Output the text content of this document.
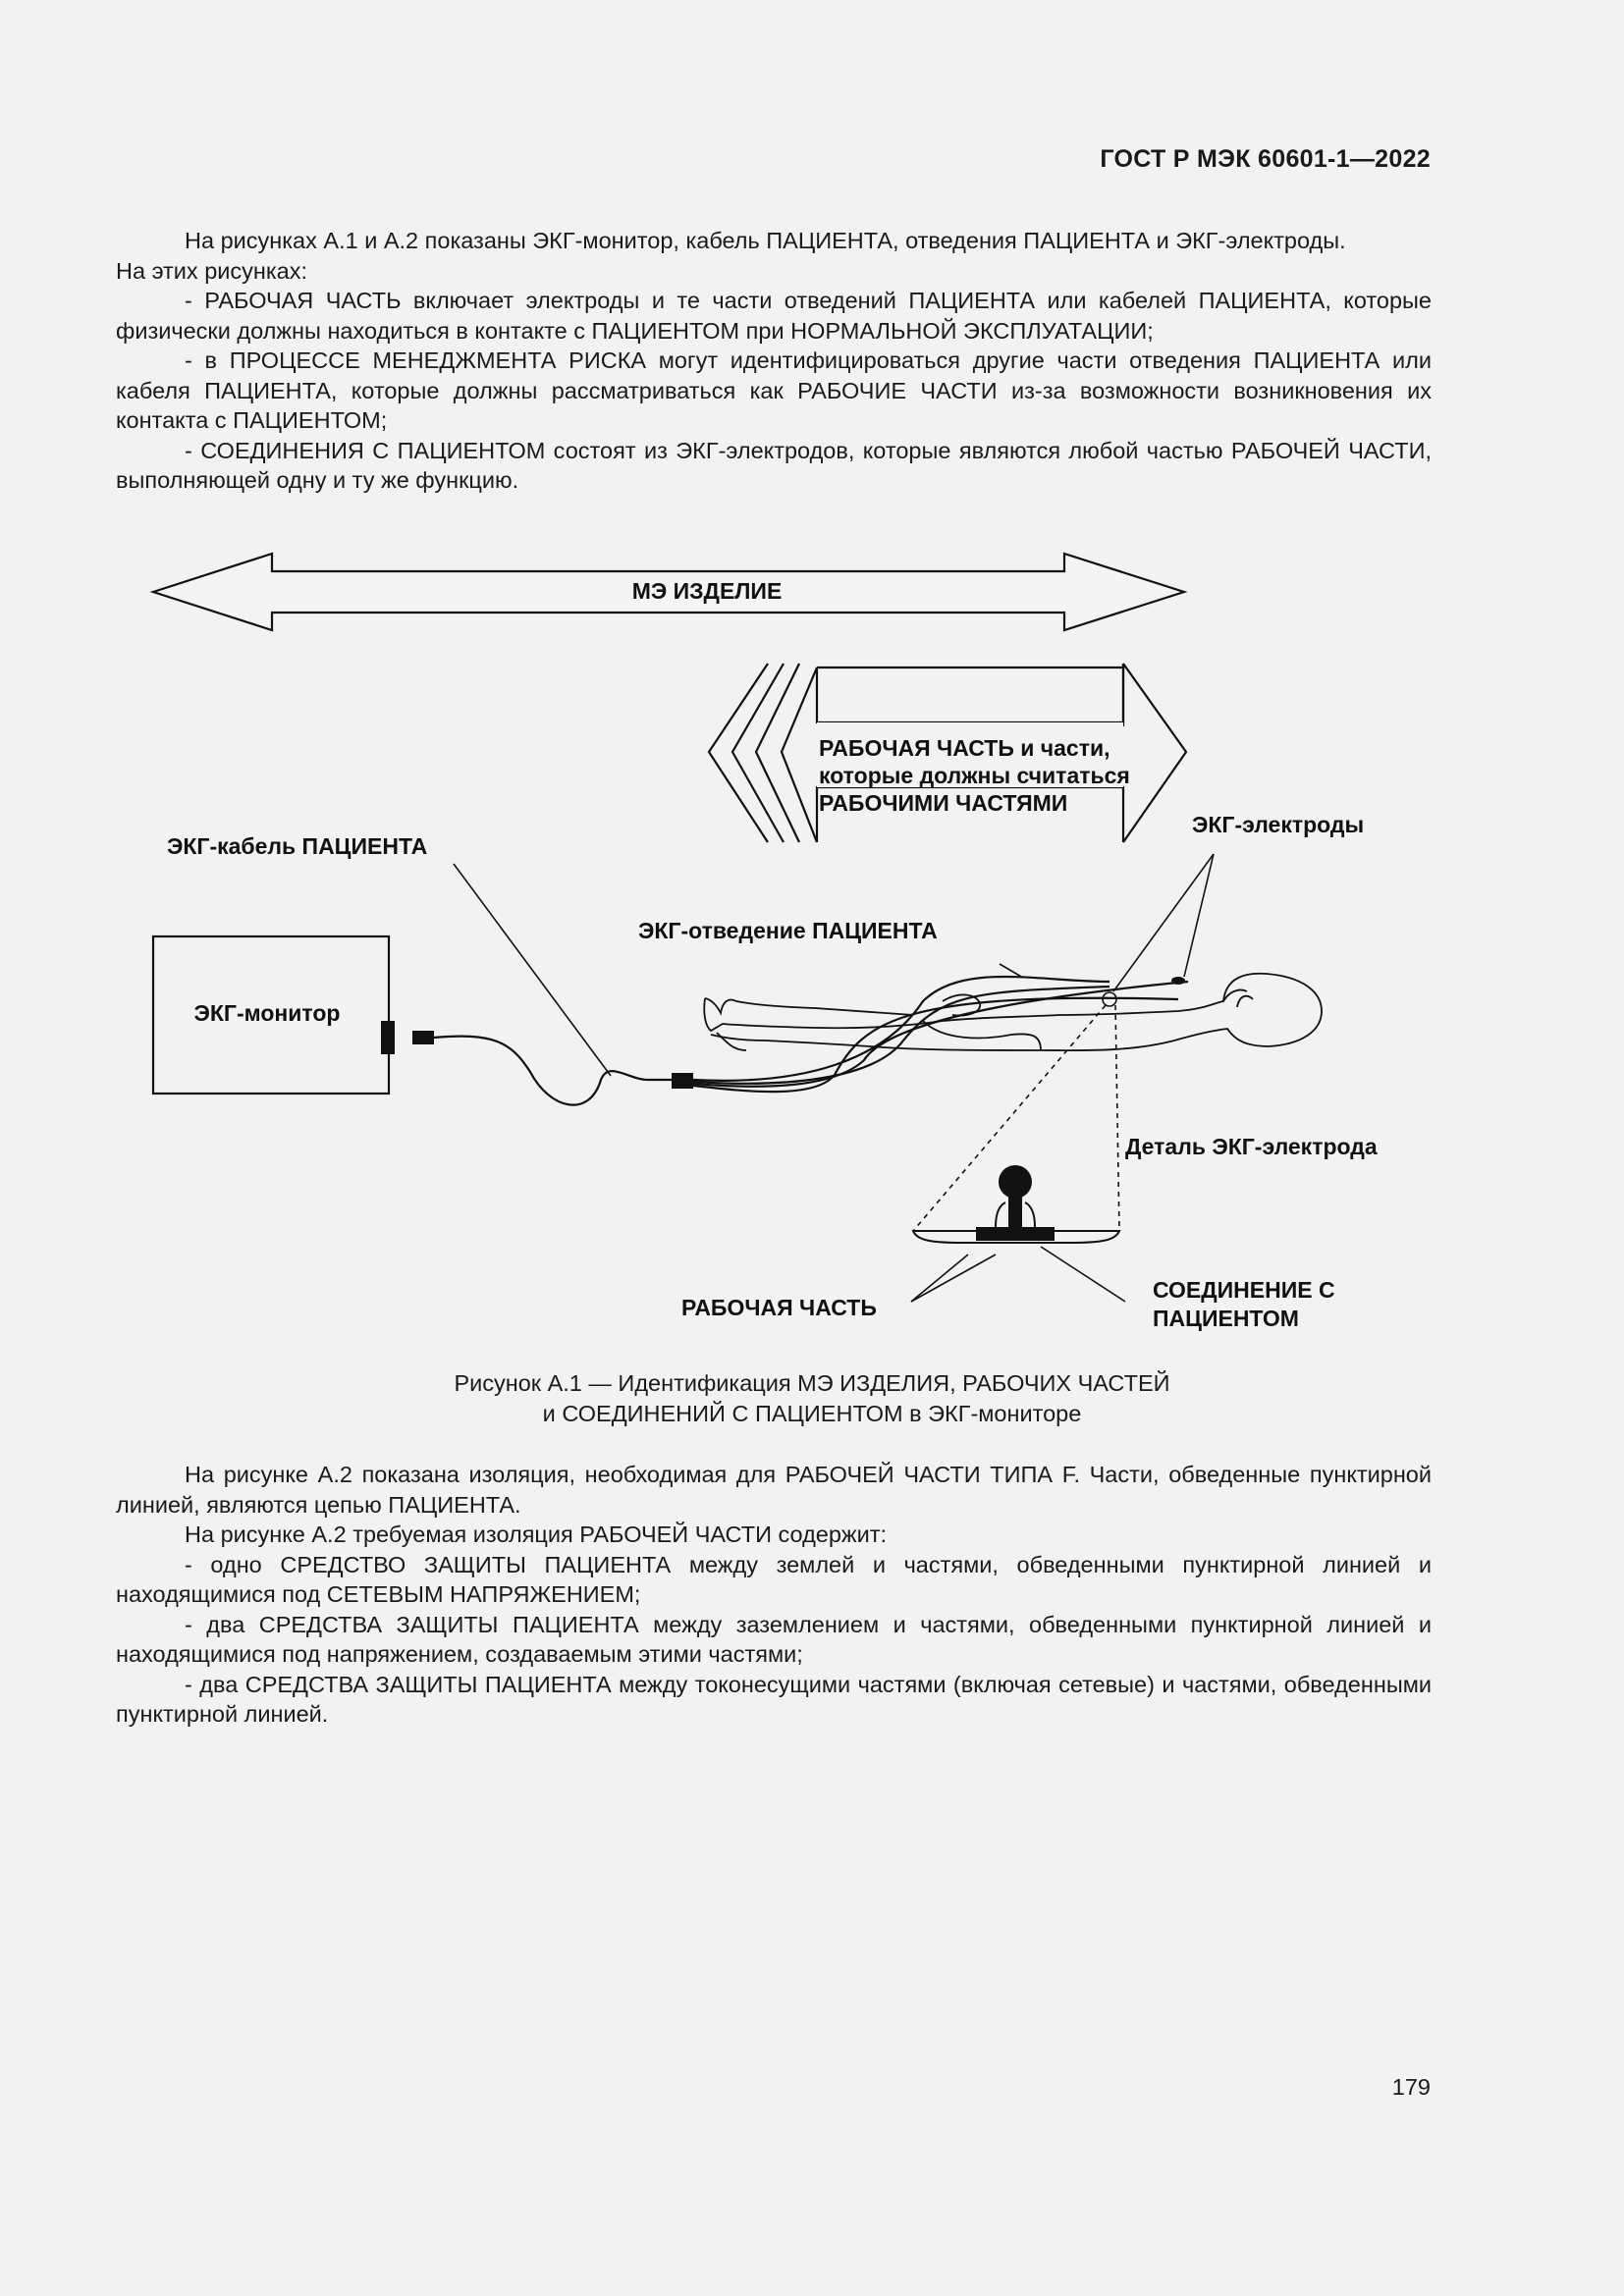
ГОСТ Р МЭК 60601-1—2022

На рисунках А.1 и А.2 показаны ЭКГ-монитор, кабель ПАЦИЕНТА, отведения ПАЦИЕНТА и ЭКГ-электроды.

На этих рисунках:

- РАБОЧАЯ ЧАСТЬ включает электроды и те части отведений ПАЦИЕНТА или кабелей ПАЦИЕНТА, которые физически должны находиться в контакте с ПАЦИЕНТОМ при НОРМАЛЬНОЙ ЭКСПЛУАТАЦИИ;

- в ПРОЦЕССЕ МЕНЕДЖМЕНТА РИСКА могут идентифицироваться другие части отведения ПАЦИЕНТА или кабеля ПАЦИЕНТА, которые должны рассматриваться как РАБОЧИЕ ЧАСТИ из-за возможности возникновения их контакта с ПАЦИЕНТОМ;

- СОЕДИНЕНИЯ С ПАЦИЕНТОМ состоят из ЭКГ-электродов, которые являются любой частью РАБОЧЕЙ ЧАСТИ, выполняющей одну и ту же функцию.

МЭ ИЗДЕЛИЕ
РАБОЧАЯ ЧАСТЬ и части,
которые должны считаться
РАБОЧИМИ ЧАСТЯМИ
ЭКГ-кабель ПАЦИЕНТА
ЭКГ-электроды
ЭКГ-отведение ПАЦИЕНТА
ЭКГ-монитор
Деталь ЭКГ-электрода
РАБОЧАЯ ЧАСТЬ
СОЕДИНЕНИЕ С
ПАЦИЕНТОМ
Рисунок А.1 — Идентификация МЭ ИЗДЕЛИЯ, РАБОЧИХ ЧАСТЕЙ
и СОЕДИНЕНИЙ С ПАЦИЕНТОМ в ЭКГ-мониторе

На рисунке А.2 показана изоляция, необходимая для РАБОЧЕЙ ЧАСТИ ТИПА F. Части, обведенные пунктирной линией, являются цепью ПАЦИЕНТА.

На рисунке А.2 требуемая изоляция РАБОЧЕЙ ЧАСТИ содержит:

- одно СРЕДСТВО ЗАЩИТЫ ПАЦИЕНТА между землей и частями, обведенными пунктирной линией и находящимися под СЕТЕВЫМ НАПРЯЖЕНИЕМ;

- два СРЕДСТВА ЗАЩИТЫ ПАЦИЕНТА между заземлением и частями, обведенными пунктирной линией и находящимися под напряжением, создаваемым этими частями;

- два СРЕДСТВА ЗАЩИТЫ ПАЦИЕНТА между токонесущими частями (включая сетевые) и частями, обведенными пунктирной линией.

179
